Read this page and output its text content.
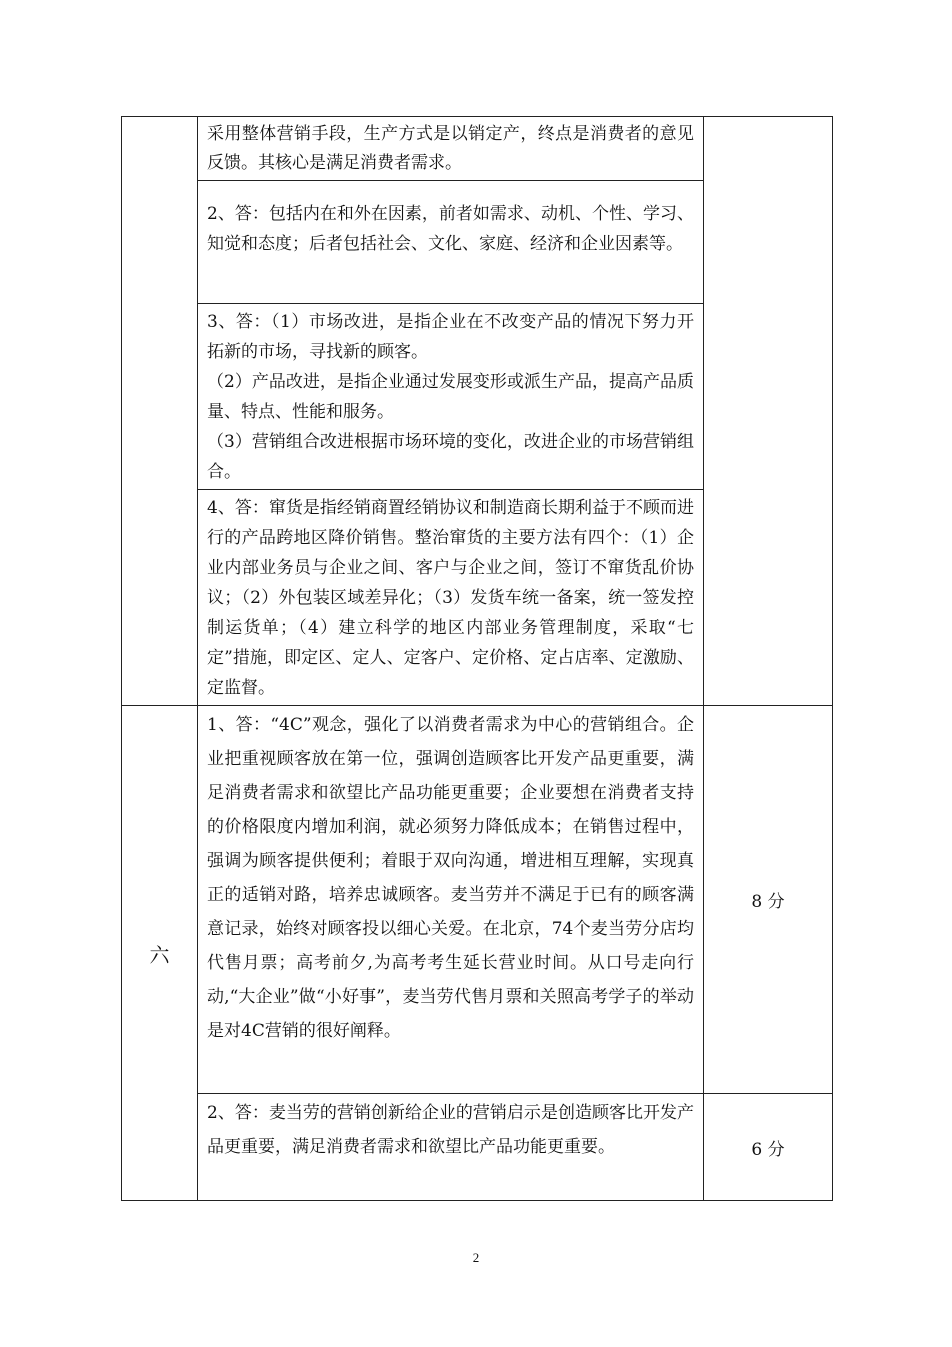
	采用整体营销手段，生产方式是以销定产，终点是消费者的意见反馈。其核心是满足消费者需求。	

	2、答：包括内在和外在因素，前者如需求、动机、个性、学习、知觉和态度；后者包括社会、文化、家庭、经济和企业因素等。	

	3、答：（1）市场改进，是指企业在不改变产品的情况下努力开拓新的市场，寻找新的顾客。

（2）产品改进，是指企业通过发展变形或派生产品，提高产品质量、特点、性能和服务。

（3）营销组合改进根据市场环境的变化，改进企业的市场营销组合。	

	4、答：窜货是指经销商置经销协议和制造商长期利益于不顾而进行的产品跨地区降价销售。整治窜货的主要方法有四个：（1）企业内部业务员与企业之间、客户与企业之间，签订不窜货乱价协议；（2）外包装区域差异化；（3）发货车统一备案，统一签发控制运货单；（4）建立科学的地区内部业务管理制度，采取“七定”措施，即定区、定人、定客户、定价格、定占店率、定激励、定监督。	

六	1、答：“4C”观念，强化了以消费者需求为中心的营销组合。企业把重视顾客放在第一位，强调创造顾客比开发产品更重要，满足消费者需求和欲望比产品功能更重要；企业要想在消费者支持的价格限度内增加利润，就必须努力降低成本；在销售过程中，强调为顾客提供便利；着眼于双向沟通，增进相互理解，实现真正的适销对路，培养忠诚顾客。麦当劳并不满足于已有的顾客满意记录，始终对顾客投以细心关爱。在北京，74个麦当劳分店均代售月票；高考前夕,为高考考生延长营业时间。从口号走向行动,“大企业”做“小好事”，麦当劳代售月票和关照高考学子的举动是对4C营销的很好阐释。	8 分

	2、答：麦当劳的营销创新给企业的营销启示是创造顾客比开发产品更重要，满足消费者需求和欲望比产品功能更重要。	6 分
2
